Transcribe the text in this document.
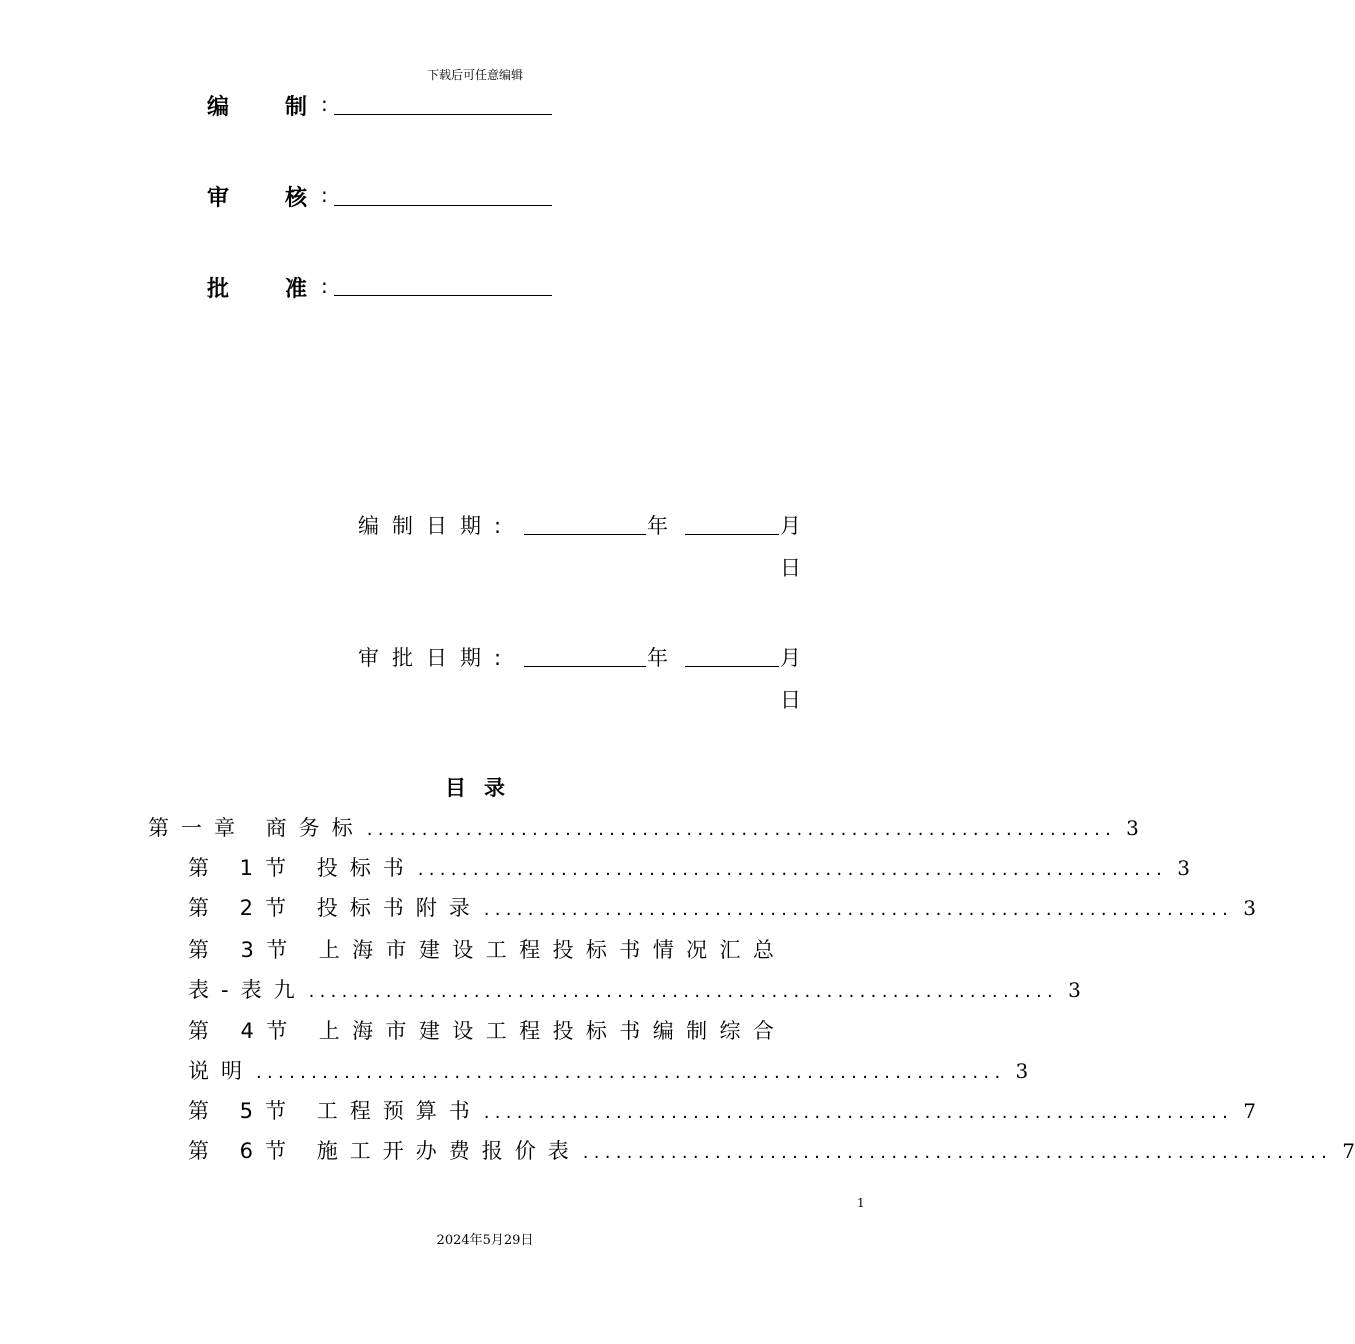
下载后可任意编辑
编	制 :
审	核 :
批	准 :
编制日期:	年	月
日
审批日期:	年	月
日
目录
第一章 商务标 .................................................................... 3
第 1节 投标书 .................................................................... 3
第 2节 投标书附录 .................................................................... 3
第 3节 上海市建设工程投标书情况汇总
表-表九 .................................................................... 3
第 4节 上海市建设工程投标书编制综合
说明 .................................................................... 3
第 5节 工程预算书 .................................................................... 7
第 6节 施工开办费报价表 .................................................................... 7
1
2024年5月29日
